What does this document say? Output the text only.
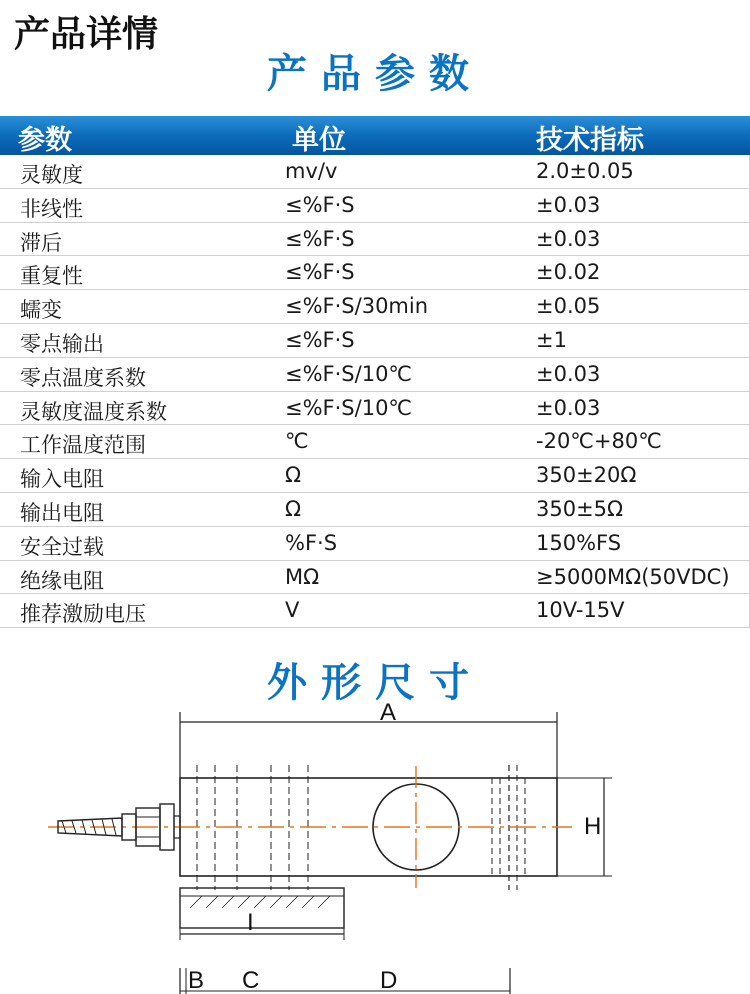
产品详情
产品参数
参数	单位	技术指标
灵敏度	mv/v	2.0±0.05
非线性	≤%F·S	±0.03
滞后	≤%F·S	±0.03
重复性	≤%F·S	±0.02
蠕变	≤%F·S/30min	±0.05
零点输出	≤%F·S	±1
零点温度系数	≤%F·S/10℃	±0.03
灵敏度温度系数	≤%F·S/10℃	±0.03
工作温度范围	℃	-20℃+80℃
输入电阻	Ω	350±20Ω
输出电阻	Ω	350±5Ω
安全过载	%F·S	150%FS
绝缘电阻	MΩ	≥5000MΩ(50VDC)
推荐激励电压	V	10V-15V
外形尺寸
A
H
I
B C	D
